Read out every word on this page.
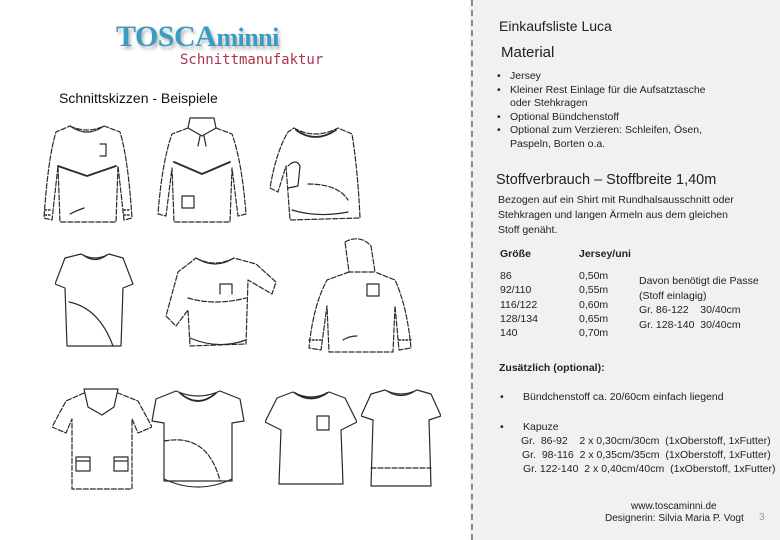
TOSCAminni
Schnittmanufaktur
Schnittskizzen - Beispiele
Einkaufsliste Luca
Material
• Jersey
• Kleiner Rest Einlage für die Aufsatztasche oder Stehkragen
• Optional Bündchenstoff
• Optional zum Verzieren: Schleifen, Ösen, Paspeln, Borten o.a.
Stoffverbrauch – Stoffbreite 1,40m
Bezogen auf ein Shirt mit Rundhalsausschnitt oder Stehkragen und langen Ärmeln aus dem gleichen Stoff genäht.
Größe	Jersey/uni
86	0,50m
92/110	0,55m
116/122	0,60m
128/134	0,65m
140	0,70m
Davon benötigt die Passe
(Stoff einlagig)
Gr. 86-122    30/40cm
Gr. 128-140  30/40cm
Zusätzlich (optional):
• Bündchenstoff ca. 20/60cm einfach liegend
• Kapuze
Gr.  86-92    2 x 0,30cm/30cm  (1xOberstoff, 1xFutter)
Gr.  98-116  2 x 0,35cm/35cm  (1xOberstoff, 1xFutter)
Gr. 122-140  2 x 0,40cm/40cm  (1xOberstoff, 1xFutter)
www.toscaminni.de
Designerin: Silvia Maria P. Vogt 3
